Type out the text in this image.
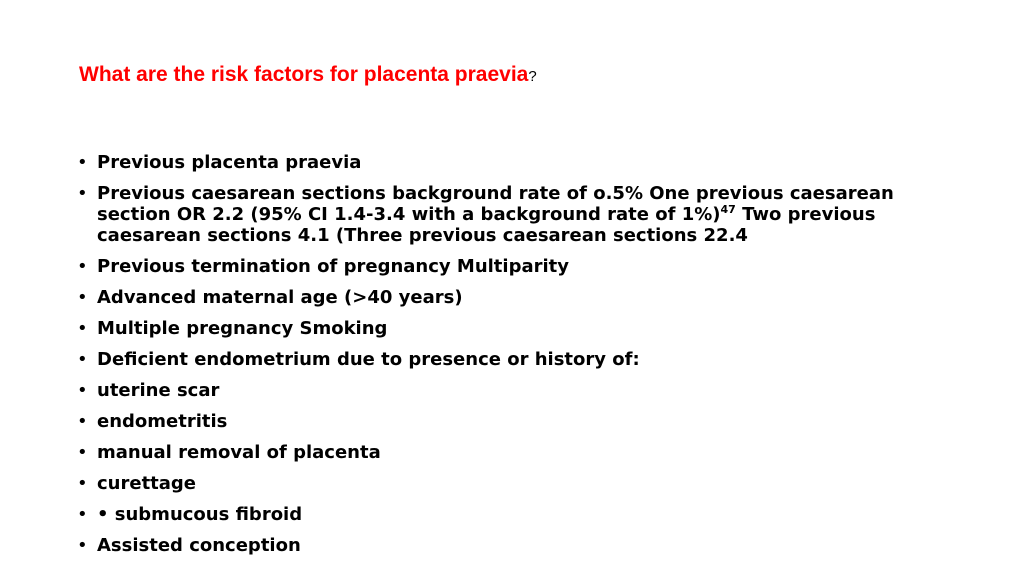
What are the risk factors for placenta praevia?
• Previous placenta praevia
• Previous caesarean sections background rate of o.5% One previous caesarean section OR 2.2 (95% CI 1.4-3.4 with a background rate of 1%)$^{47}$ Two previous caesarean sections 4.1 (Three previous caesarean sections 22.4
• Previous termination of pregnancy Multiparity
• Advanced maternal age (>40 years)
• Multiple pregnancy Smoking
• Deficient endometrium due to presence or history of:
• uterine scar
• endometritis
• manual removal of placenta
• curettage
• • submucous fibroid
• Assisted conception
